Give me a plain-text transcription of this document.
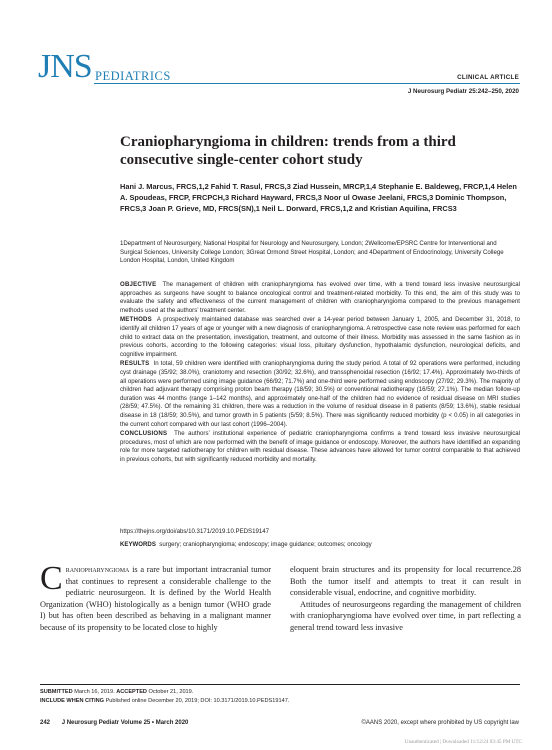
JNS PEDIATRICS	CLINICAL ARTICLE
J Neurosurg Pediatr 25:242–250, 2020
Craniopharyngioma in children: trends from a third consecutive single-center cohort study
Hani J. Marcus, FRCS,1,2 Fahid T. Rasul, FRCS,3 Ziad Hussein, MRCP,1,4 Stephanie E. Baldeweg, FRCP,1,4 Helen A. Spoudeas, FRCP, FRCPCH,3 Richard Hayward, FRCS,3 Noor ul Owase Jeelani, FRCS,3 Dominic Thompson, FRCS,3 Joan P. Grieve, MD, FRCS(SN),1 Neil L. Dorward, FRCS,1,2 and Kristian Aquilina, FRCS3
1Department of Neurosurgery, National Hospital for Neurology and Neurosurgery, London; 2Wellcome/EPSRC Centre for Interventional and Surgical Sciences, University College London; 3Great Ormond Street Hospital, London; and 4Department of Endocrinology, University College London Hospital, London, United Kingdom

OBJECTIVE The management of children with craniopharyngioma has evolved over time, with a trend toward less invasive neurosurgical approaches as surgeons have sought to balance oncological control and treatment-related morbidity. To this end, the aim of this study was to evaluate the safety and effectiveness of the current management of children with craniopharyngioma compared to the previous management methods used at the authors’ treatment center.

METHODS A prospectively maintained database was searched over a 14-year period between January 1, 2005, and December 31, 2018, to identify all children 17 years of age or younger with a new diagnosis of craniopharyngioma. A retrospective case note review was performed for each child to extract data on the presentation, investigation, treatment, and outcome of their illness. Morbidity was assessed in the same fashion as in previous cohorts, according to the following categories: visual loss, pituitary dysfunction, hypothalamic dysfunction, neurological deficits, and cognitive impairment.

RESULTS In total, 59 children were identified with craniopharyngioma during the study period. A total of 92 operations were performed, including cyst drainage (35/92; 38.0%), craniotomy and resection (30/92; 32.6%), and transsphenoidal resection (16/92; 17.4%). Approximately two-thirds of all operations were performed using image guidance (66/92; 71.7%) and one-third were performed using endoscopy (27/92; 29.3%). The majority of children had adjuvant therapy comprising proton beam therapy (18/59; 30.5%) or conventional radiotherapy (16/59; 27.1%). The median follow-up duration was 44 months (range 1–142 months), and approximately one-half of the children had no evidence of residual disease on MRI studies (28/59; 47.5%). Of the remaining 31 children, there was a reduction in the volume of residual disease in 8 patients (8/59; 13.6%), stable residual disease in 18 (18/59; 30.5%), and tumor growth in 5 patients (5/59; 8.5%). There was significantly reduced morbidity (p < 0.05) in all categories in the current cohort compared with our last cohort (1996–2004).

CONCLUSIONS The authors’ institutional experience of pediatric craniopharyngioma confirms a trend toward less invasive neurosurgical procedures, most of which are now performed with the benefit of image guidance or endoscopy. Moreover, the authors have identified an expanding role for more targeted radiotherapy for children with residual disease. These advances have allowed for tumor control comparable to that achieved in previous cohorts, but with significantly reduced morbidity and mortality.

https://thejns.org/doi/abs/10.3171/2019.10.PEDS19147
KEYWORDS surgery; craniopharyngioma; endoscopy; image guidance; outcomes; oncology

Craniopharyngioma is a rare but important intracranial tumor that continues to represent a considerable challenge to the pediatric neurosurgeon. It is defined by the World Health Organization (WHO) histologically as a benign tumor (WHO grade I) but has often been described as behaving in a malignant manner because of its propensity to be located close to highly

eloquent brain structures and its propensity for local recurrence.28 Both the tumor itself and attempts to treat it can result in considerable visual, endocrine, and cognitive morbidity.

Attitudes of neurosurgeons regarding the management of children with craniopharyngioma have evolved over time, in part reflecting a general trend toward less invasive

SUBMITTED March 16, 2019. ACCEPTED October 21, 2019.
INCLUDE WHEN CITING Published online December 20, 2019; DOI: 10.3171/2019.10.PEDS19147.
242 J Neurosurg Pediatr Volume 25 • March 2020	©AANS 2020, except where prohibited by US copyright law
Unauthenticated | Downloaded 11/12/24 03:45 PM UTC
